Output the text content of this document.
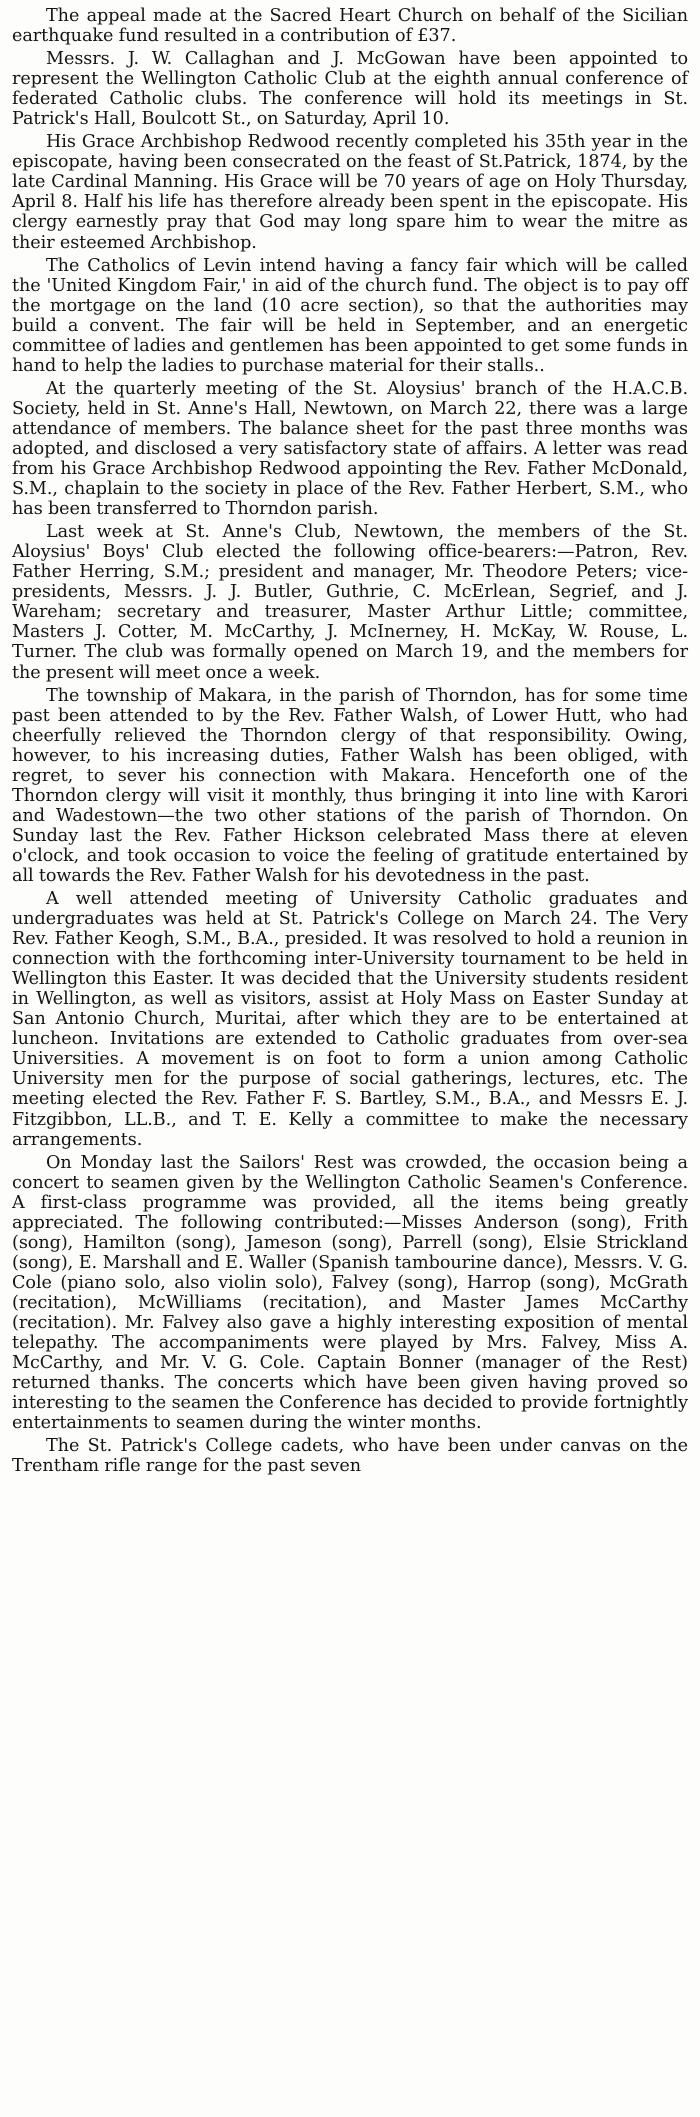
The appeal made at the Sacred Heart Church on behalf of the Sicilian earthquake fund resulted in a contribution of £37.

Messrs. J. W. Callaghan and J. McGowan have been appointed to represent the Wellington Catholic Club at the eighth annual conference of federated Catholic clubs. The conference will hold its meetings in St. Patrick's Hall, Boulcott St., on Saturday, April 10.

His Grace Archbishop Redwood recently completed his 35th year in the episcopate, having been consecrated on the feast of St.Patrick, 1874, by the late Cardinal Manning. His Grace will be 70 years of age on Holy Thursday, April 8. Half his life has therefore already been spent in the episcopate. His clergy earnestly pray that God may long spare him to wear the mitre as their esteemed Archbishop.

The Catholics of Levin intend having a fancy fair which will be called the 'United Kingdom Fair,' in aid of the church fund. The object is to pay off the mortgage on the land (10 acre section), so that the authorities may build a convent. The fair will be held in September, and an energetic committee of ladies and gentlemen has been appointed to get some funds in hand to help the ladies to purchase material for their stalls..

At the quarterly meeting of the St. Aloysius' branch of the H.A.C.B. Society, held in St. Anne's Hall, Newtown, on March 22, there was a large attendance of members. The balance sheet for the past three months was adopted, and disclosed a very satisfactory state of affairs. A letter was read from his Grace Archbishop Redwood appointing the Rev. Father McDonald, S.M., chaplain to the society in place of the Rev. Father Herbert, S.M., who has been transferred to Thorndon parish.

Last week at St. Anne's Club, Newtown, the members of the St. Aloysius' Boys' Club elected the following office-bearers:—Patron, Rev. Father Herring, S.M.; president and manager, Mr. Theodore Peters; vice-presidents, Messrs. J. J. Butler, Guthrie, C. McErlean, Segrief, and J. Wareham; secretary and treasurer, Master Arthur Little; committee, Masters J. Cotter, M. McCarthy, J. McInerney, H. McKay, W. Rouse, L. Turner. The club was formally opened on March 19, and the members for the present will meet once a week.

The township of Makara, in the parish of Thorndon, has for some time past been attended to by the Rev. Father Walsh, of Lower Hutt, who had cheerfully relieved the Thorndon clergy of that responsibility. Owing, however, to his increasing duties, Father Walsh has been obliged, with regret, to sever his connection with Makara. Henceforth one of the Thorndon clergy will visit it monthly, thus bringing it into line with Karori and Wadestown—the two other stations of the parish of Thorndon. On Sunday last the Rev. Father Hickson celebrated Mass there at eleven o'clock, and took occasion to voice the feeling of gratitude entertained by all towards the Rev. Father Walsh for his devotedness in the past.

A well attended meeting of University Catholic graduates and undergraduates was held at St. Patrick's College on March 24. The Very Rev. Father Keogh, S.M., B.A., presided. It was resolved to hold a reunion in connection with the forthcoming inter-University tournament to be held in Wellington this Easter. It was decided that the University students resident in Wellington, as well as visitors, assist at Holy Mass on Easter Sunday at San Antonio Church, Muritai, after which they are to be entertained at luncheon. Invitations are extended to Catholic graduates from over-sea Universities. A movement is on foot to form a union among Catholic University men for the purpose of social gatherings, lectures, etc. The meeting elected the Rev. Father F. S. Bartley, S.M., B.A., and Messrs E. J. Fitzgibbon, LL.B., and T. E. Kelly a committee to make the necessary arrangements.

On Monday last the Sailors' Rest was crowded, the occasion being a concert to seamen given by the Wellington Catholic Seamen's Conference. A first-class programme was provided, all the items being greatly appreciated. The following contributed:—Misses Anderson (song), Frith (song), Hamilton (song), Jameson (song), Parrell (song), Elsie Strickland (song), E. Marshall and E. Waller (Spanish tambourine dance), Messrs. V. G. Cole (piano solo, also violin solo), Falvey (song), Harrop (song), McGrath (recitation), McWilliams (recitation), and Master James McCarthy (recitation). Mr. Falvey also gave a highly interesting exposition of mental telepathy. The accompaniments were played by Mrs. Falvey, Miss A. McCarthy, and Mr. V. G. Cole. Captain Bonner (manager of the Rest) returned thanks. The concerts which have been given having proved so interesting to the seamen the Conference has decided to provide fortnightly entertainments to seamen during the winter months.

The St. Patrick's College cadets, who have been under canvas on the Trentham rifle range for the past seven
